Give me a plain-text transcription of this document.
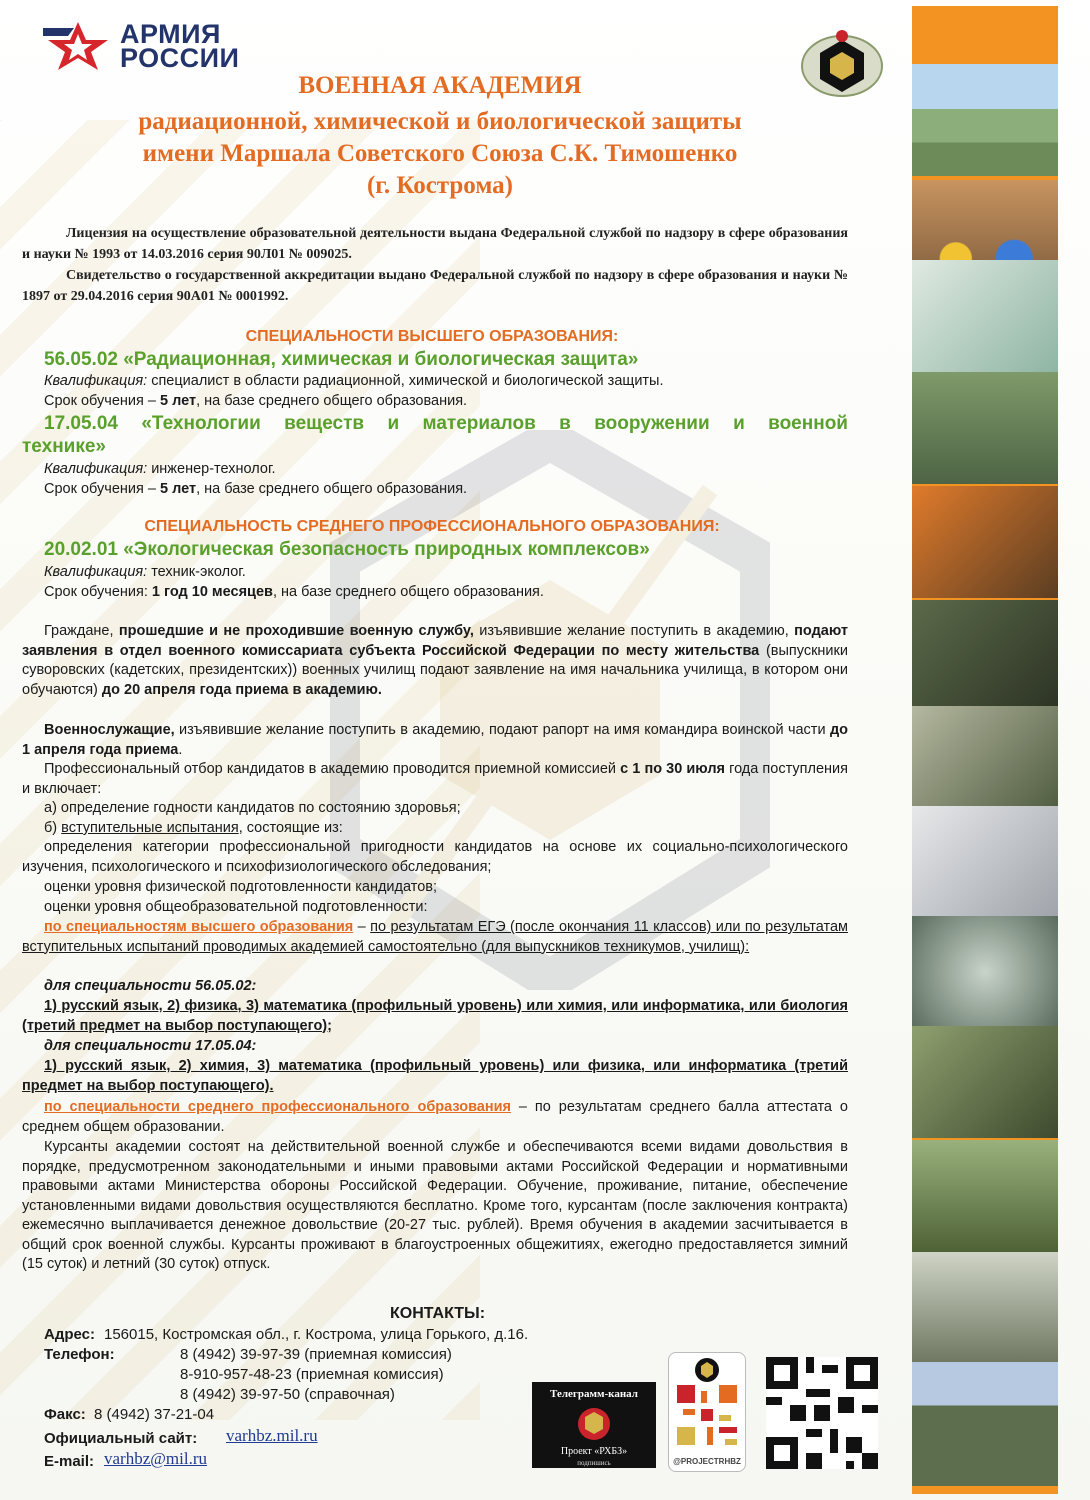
АРМИЯ
РОССИИ
ВОЕННАЯ АКАДЕМИЯ
радиационной, химической и биологической защиты
имени Маршала Советского Союза С.К. Тимошенко
(г. Кострома)
Лицензия на осуществление образовательной деятельности выдана Федеральной службой по надзору в сфере образования и науки № 1993 от 14.03.2016 серия 90Л01 № 009025.
Свидетельство о государственной аккредитации выдано Федеральной службой по надзору в сфере образования и науки № 1897 от 29.04.2016 серия 90А01 № 0001992.
СПЕЦИАЛЬНОСТИ ВЫСШЕГО ОБРАЗОВАНИЯ:
56.05.02 «Радиационная, химическая и биологическая защита»
Квалификация: специалист в области радиационной, химической и биологической защиты.
Срок обучения – 5 лет, на базе среднего общего образования.
17.05.04 «Технологии веществ и материалов в вооружении и военной
технике»
Квалификация: инженер-технолог.
Срок обучения – 5 лет, на базе среднего общего образования.
СПЕЦИАЛЬНОСТЬ СРЕДНЕГО ПРОФЕССИОНАЛЬНОГО ОБРАЗОВАНИЯ:
20.02.01 «Экологическая безопасность природных комплексов»
Квалификация: техник-эколог.
Срок обучения: 1 год 10 месяцев, на базе среднего общего образования.
Граждане, прошедшие и не проходившие военную службу, изъявившие желание поступить в академию, подают заявления в отдел военного комиссариата субъекта Российской Федерации по месту жительства (выпускники суворовских (кадетских, президентских)) военных училищ подают заявление на имя начальника училища, в котором они обучаются) до 20 апреля года приема в академию.
Военнослужащие, изъявившие желание поступить в академию, подают рапорт на имя командира воинской части до 1 апреля года приема.
Профессиональный отбор кандидатов в академию проводится приемной комиссией с 1 по 30 июля года поступления и включает:
а) определение годности кандидатов по состоянию здоровья;
б) вступительные испытания, состоящие из:
определения категории профессиональной пригодности кандидатов на основе их социально-психологического изучения, психологического и психофизиологического обследования;
оценки уровня физической подготовленности кандидатов;
оценки уровня общеобразовательной подготовленности:
по специальностям высшего образования – по результатам ЕГЭ (после окончания 11 классов) или по результатам вступительных испытаний проводимых академией самостоятельно (для выпускников техникумов, училищ):
для специальности 56.05.02:
1) русский язык, 2) физика, 3) математика (профильный уровень) или химия, или информатика, или биология (третий предмет на выбор поступающего);
для специальности 17.05.04:
1) русский язык, 2) химия, 3) математика (профильный уровень) или физика, или информатика (третий предмет на выбор поступающего).
по специальности среднего профессионального образования – по результатам среднего балла аттестата о среднем общем образовании.
Курсанты академии состоят на действительной военной службе и обеспечиваются всеми видами довольствия в порядке, предусмотренном законодательными и иными правовыми актами Российской Федерации и нормативными правовыми актами Министерства обороны Российской Федерации. Обучение, проживание, питание, обеспечение установленными видами довольствия осуществляются бесплатно. Кроме того, курсантам (после заключения контракта) ежемесячно выплачивается денежное довольствие (20-27 тыс. рублей). Время обучения в академии засчитывается в общий срок военной службы. Курсанты проживают в благоустроенных общежитиях, ежегодно предоставляется зимний (15 суток) и летний (30 суток) отпуск.
КОНТАКТЫ:
Адрес: 156015, Костромская обл., г. Кострома, улица Горького, д.16.
Телефон:	8 (4942) 39-97-39 (приемная комиссия)
8-910-957-48-23 (приемная комиссия)
8 (4942) 39-97-50 (справочная)
Факс: 8 (4942) 37-21-04
Официальный сайт: varhbz.mil.ru
E-mail: varhbz@mil.ru
Телеграмм-канал
Проект «РХБЗ»
подпишись	@PROJECTRHBZ
